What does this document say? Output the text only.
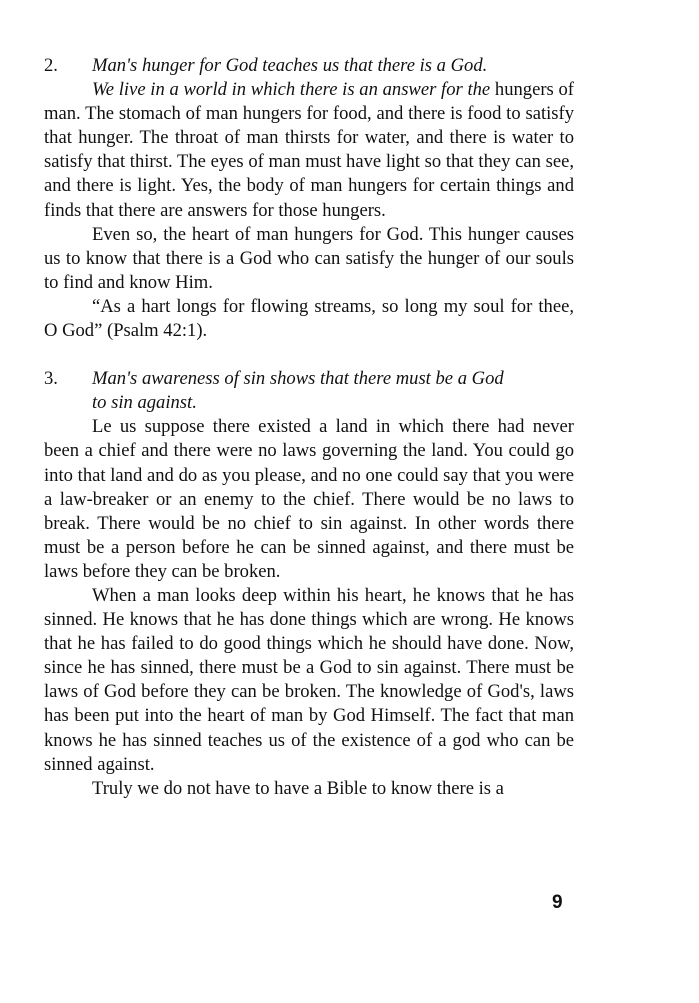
2.	Man's hunger for God teaches us that there is a God.

We live in a world in which there is an answer for the hungers of man. The stomach of man hungers for food, and there is food to satisfy that hunger. The throat of man thirsts for water, and there is water to satisfy that thirst. The eyes of man must have light so that they can see, and there is light. Yes, the body of man hungers for certain things and finds that there are answers for those hungers.

Even so, the heart of man hungers for God. This hunger causes us to know that there is a God who can satisfy the hunger of our souls to find and know Him.

“As a hart longs for flowing streams, so long my soul for thee, O God” (Psalm 42:1).

3.	Man's awareness of sin shows that there must be a God

to sin against.

Le us suppose there existed a land in which there had never been a chief and there were no laws governing the land. You could go into that land and do as you please, and no one could say that you were a law-breaker or an enemy to the chief. There would be no laws to break. There would be no chief to sin against. In other words there must be a person before he can be sinned against, and there must be laws before they can be broken.

When a man looks deep within his heart, he knows that he has sinned. He knows that he has done things which are wrong. He knows that he has failed to do good things which he should have done. Now, since he has sinned, there must be a God to sin against. There must be laws of God before they can be broken. The knowledge of God's, laws has been put into the heart of man by God Himself. The fact that man knows he has sinned teaches us of the existence of a god who can be sinned against.

Truly we do not have to have a Bible to know there is a

9
